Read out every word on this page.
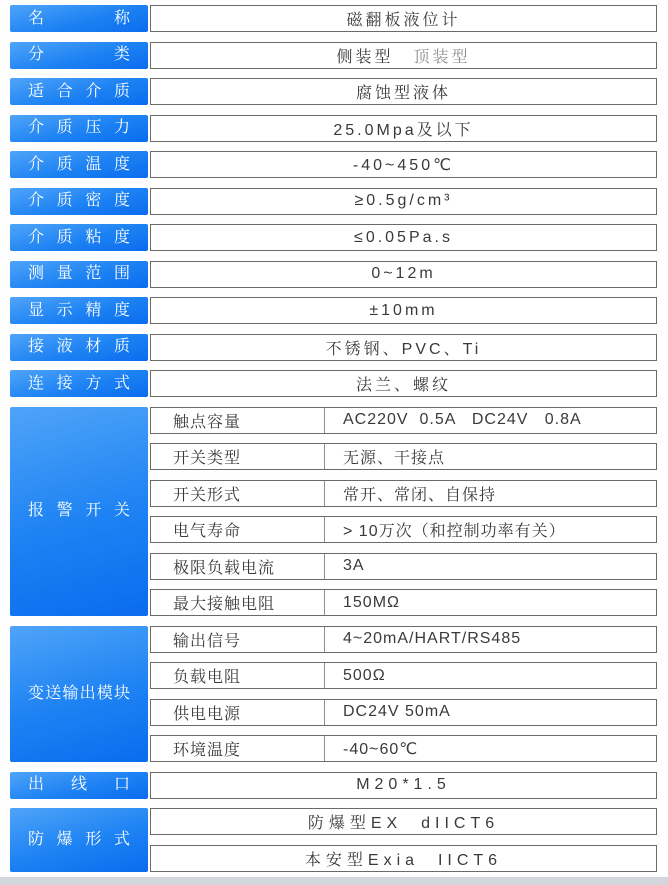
名称	磁翻板液位计
分类	侧装型 顶装型
适合介质	腐蚀型液体
介质压力	25.0Mpa及以下
介质温度	-40~450℃
介质密度	≥0.5g/cm³
介质粘度	≤0.05Pa.s
测量范围	0~12m
显示精度	±10mm
接液材质	不锈钢、PVC、Ti
连接方式	法兰、螺纹
报警开关
触点容量	AC220V  0.5A   DC24V   0.8A
开关类型	无源、干接点
开关形式	常开、常闭、自保持
电气寿命	> 10万次（和控制功率有关）
极限负载电流	3A
最大接触电阻	150MΩ
变送输出模块
输出信号	4~20mA/HART/RS485
负载电阻	500Ω
供电电源	DC24V 50mA
环境温度	-40~60℃
出线口	M20*1.5
防爆形式
防爆型EX  dIICT6
本安型Exia  IICT6
